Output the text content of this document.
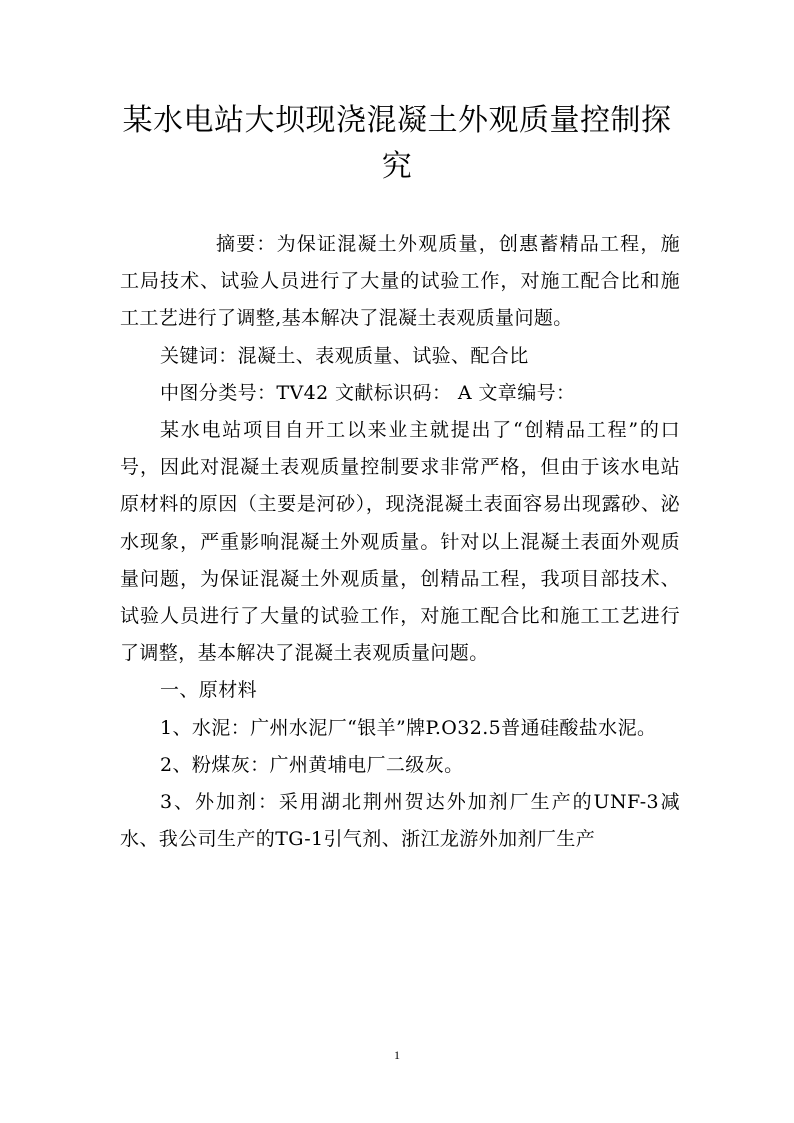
某水电站大坝现浇混凝土外观质量控制探究

摘要：为保证混凝土外观质量，创惠蓄精品工程，施工局技术、试验人员进行了大量的试验工作，对施工配合比和施工工艺进行了调整,基本解决了混凝土表观质量问题。

关键词：混凝土、表观质量、试验、配合比

中图分类号：TV42 文献标识码： A 文章编号：

某水电站项目自开工以来业主就提出了“创精品工程”的口号，因此对混凝土表观质量控制要求非常严格，但由于该水电站原材料的原因（主要是河砂），现浇混凝土表面容易出现露砂、泌水现象，严重影响混凝土外观质量。针对以上混凝土表面外观质量问题，为保证混凝土外观质量，创精品工程，我项目部技术、试验人员进行了大量的试验工作，对施工配合比和施工工艺进行了调整，基本解决了混凝土表观质量问题。

一、原材料

1、水泥：广州水泥厂“银羊”牌P.O32.5普通硅酸盐水泥。

2、粉煤灰：广州黄埔电厂二级灰。

3、外加剂：采用湖北荆州贺达外加剂厂生产的UNF-3减水、我公司生产的TG-1引气剂、浙江龙游外加剂厂生产

1
